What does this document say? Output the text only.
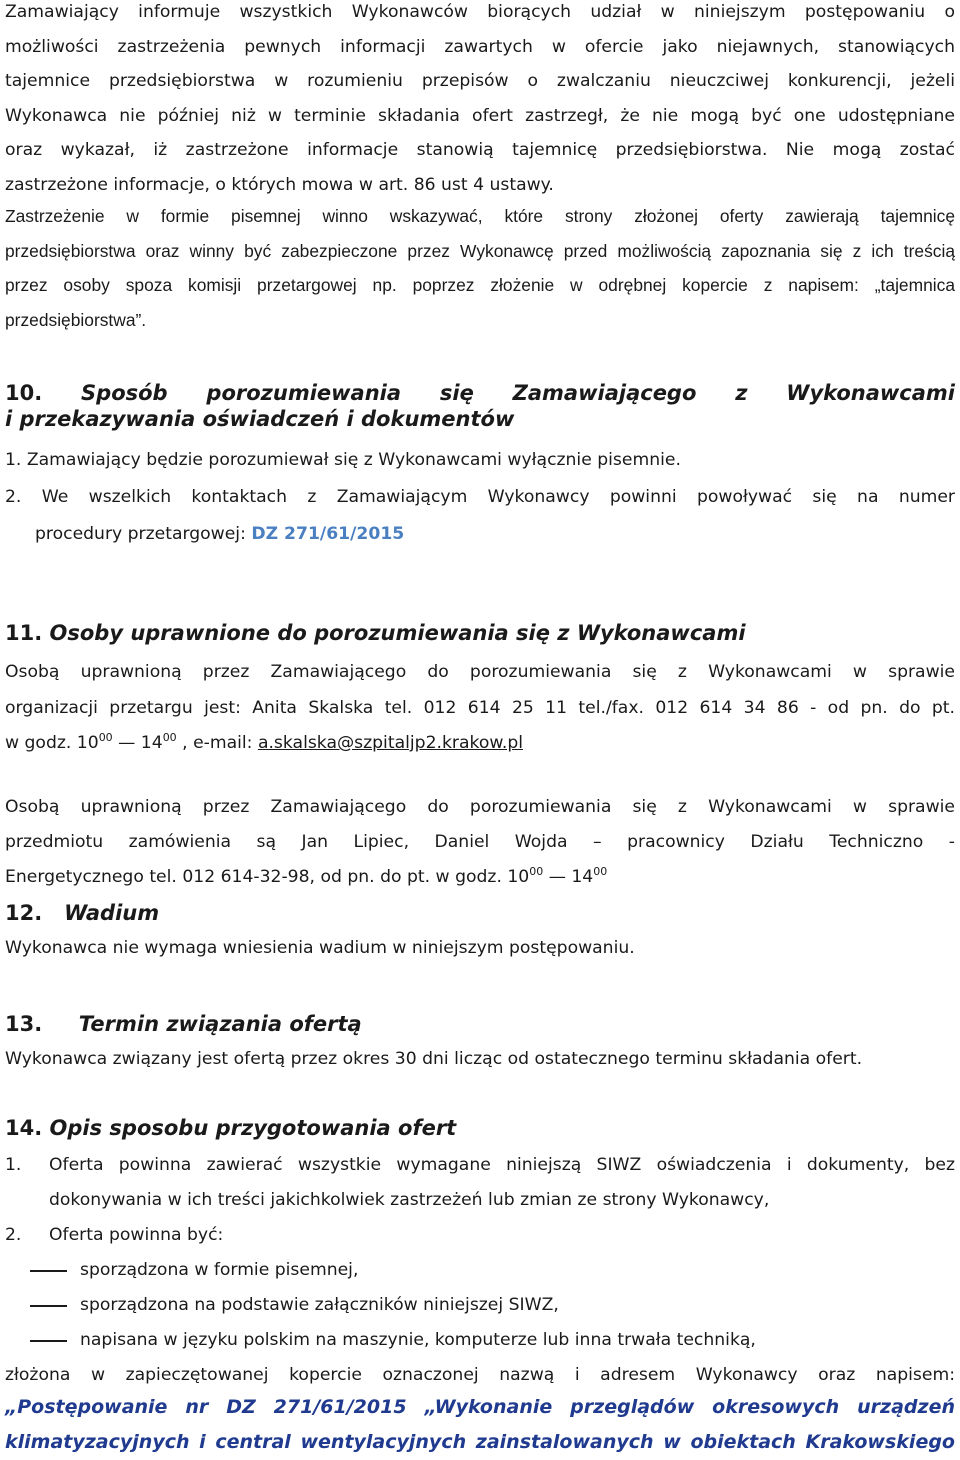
Zamawiający informuje wszystkich Wykonawców biorących udział w niniejszym postępowaniu o
możliwości zastrzeżenia pewnych informacji zawartych w ofercie jako niejawnych, stanowiących
tajemnice przedsiębiorstwa w rozumieniu przepisów o zwalczaniu nieuczciwej konkurencji, jeżeli
Wykonawca nie później niż w terminie składania ofert zastrzegł, że nie mogą być one udostępniane
oraz wykazał, iż zastrzeżone informacje stanowią tajemnicę przedsiębiorstwa. Nie mogą zostać
zastrzeżone informacje, o których mowa w art. 86 ust 4 ustawy.
Zastrzeżenie w formie pisemnej winno wskazywać, które strony złożonej oferty zawierają tajemnicę
przedsiębiorstwa oraz winny być zabezpieczone przez Wykonawcę przed możliwością zapoznania się z ich treścią
przez osoby spoza komisji przetargowej np. poprzez złożenie w odrębnej kopercie z napisem: „tajemnica
przedsiębiorstwa”.
10. Sposób porozumiewania się Zamawiającego z Wykonawcami
i przekazywania oświadczeń i dokumentów
1. Zamawiający będzie porozumiewał się z Wykonawcami wyłącznie pisemnie.
2. We wszelkich kontaktach z Zamawiającym Wykonawcy powinni powoływać się na numer
procedury przetargowej: DZ 271/61/2015
11. Osoby uprawnione do porozumiewania się z Wykonawcami
Osobą uprawnioną przez Zamawiającego do porozumiewania się z Wykonawcami w sprawie
organizacji przetargu jest: Anita Skalska tel. 012 614 25 11 tel./fax. 012 614 34 86 - od pn. do pt.
w godz. $10^{00}$ — $14^{00}$ , e-mail: a.skalska@szpitaljp2.krakow.pl
Osobą uprawnioną przez Zamawiającego do porozumiewania się z Wykonawcami w sprawie
przedmiotu zamówienia są Jan Lipiec, Daniel Wojda – pracownicy Działu Techniczno -
Energetycznego tel. 012 614-32-98, od pn. do pt. w godz. $10^{00}$ — $14^{00}$
12. Wadium
Wykonawca nie wymaga wniesienia wadium w niniejszym postępowaniu.
13. Termin związania ofertą
Wykonawca związany jest ofertą przez okres 30 dni licząc od ostatecznego terminu składania ofert.
14. Opis sposobu przygotowania ofert
1. Oferta powinna zawierać wszystkie wymagane niniejszą SIWZ oświadczenia i dokumenty, bez
dokonywania w ich treści jakichkolwiek zastrzeżeń lub zmian ze strony Wykonawcy,
2. Oferta powinna być:
sporządzona w formie pisemnej,
sporządzona na podstawie załączników niniejszej SIWZ,
napisana w języku polskim na maszynie, komputerze lub inna trwała techniką,
złożona w zapieczętowanej kopercie oznaczonej nazwą i adresem Wykonawcy oraz napisem:
„Postępowanie nr DZ 271/61/2015 „Wykonanie przeglądów okresowych urządzeń
klimatyzacyjnych i central wentylacyjnych zainstalowanych w obiektach Krakowskiego
